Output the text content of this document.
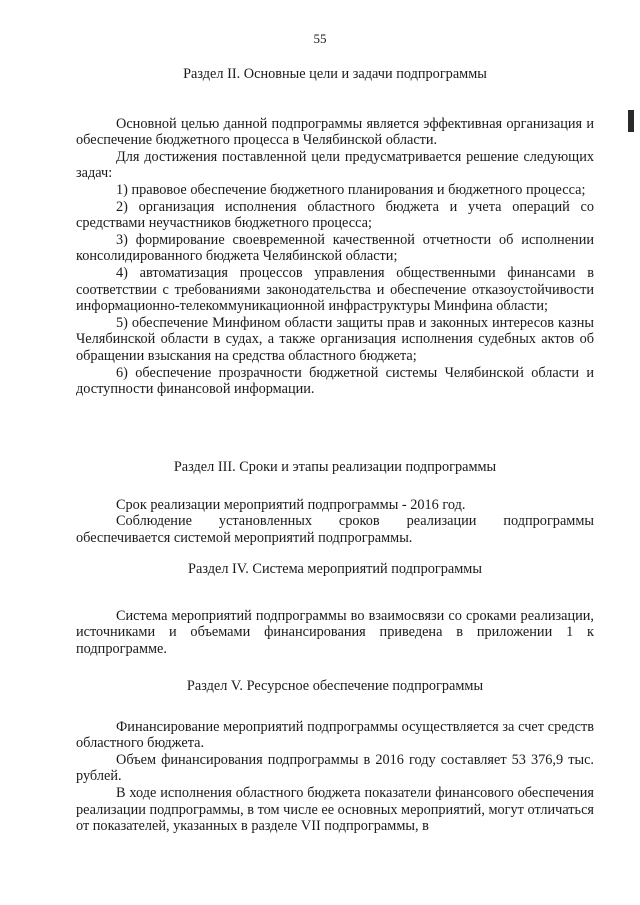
55
Раздел II. Основные цели и задачи подпрограммы

Основной целью данной подпрограммы является эффективная организация и обеспечение бюджетного процесса в Челябинской области.

Для достижения поставленной цели предусматривается решение следующих задач:

1) правовое обеспечение бюджетного планирования и бюджетного процесса;

2) организация исполнения областного бюджета и учета операций со средствами неучастников бюджетного процесса;

3) формирование своевременной качественной отчетности об исполнении консолидированного бюджета Челябинской области;

4) автоматизация процессов управления общественными финансами в соответствии с требованиями законодательства и обеспечение отказоустойчивости информационно-телекоммуникационной инфраструктуры Минфина области;

5) обеспечение Минфином области защиты прав и законных интересов казны Челябинской области в судах, а также организация исполнения судебных актов об обращении взыскания на средства областного бюджета;

6) обеспечение прозрачности бюджетной системы Челябинской области и доступности финансовой информации.

Раздел III. Сроки и этапы реализации подпрограммы

Срок реализации мероприятий подпрограммы - 2016 год.

Соблюдение установленных сроков реализации подпрограммы обеспечивается системой мероприятий подпрограммы.

Раздел IV. Система мероприятий подпрограммы

Система мероприятий подпрограммы во взаимосвязи со сроками реализации, источниками и объемами финансирования приведена в приложении 1 к подпрограмме.

Раздел V. Ресурсное обеспечение подпрограммы

Финансирование мероприятий подпрограммы осуществляется за счет средств областного бюджета.

Объем финансирования подпрограммы в 2016 году составляет 53 376,9 тыс. рублей.

В ходе исполнения областного бюджета показатели финансового обеспечения реализации подпрограммы, в том числе ее основных мероприятий, могут отличаться от показателей, указанных в разделе VII подпрограммы, в
